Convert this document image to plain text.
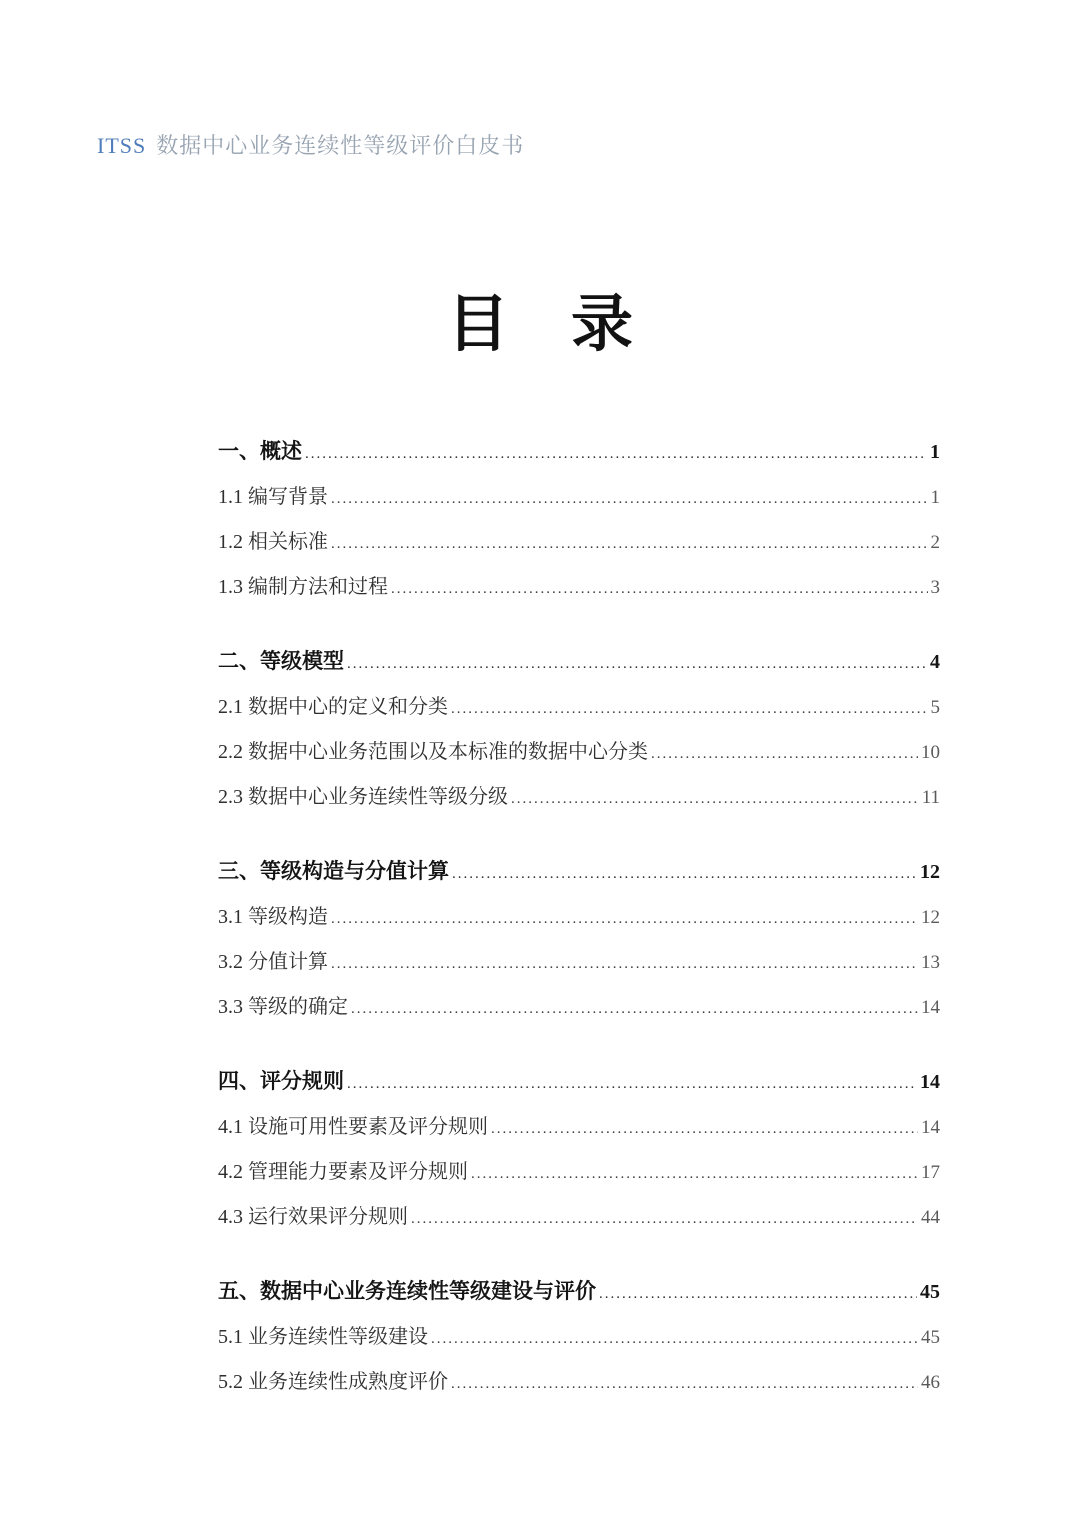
ITSS 数据中心业务连续性等级评价白皮书
目　录
一、概述 .....	1
1.1 编写背景 .....	1
1.2 相关标准 .....	2
1.3 编制方法和过程 .....	3
二、等级模型 .....	4
2.1 数据中心的定义和分类 .....	5
2.2 数据中心业务范围以及本标准的数据中心分类 .....	10
2.3 数据中心业务连续性等级分级 .....	11
三、等级构造与分值计算 .....	12
3.1 等级构造 .....	12
3.2 分值计算 .....	13
3.3 等级的确定 .....	14
四、评分规则 .....	14
4.1 设施可用性要素及评分规则 .....	14
4.2 管理能力要素及评分规则 .....	17
4.3 运行效果评分规则 .....	44
五、数据中心业务连续性等级建设与评价 .....	45
5.1 业务连续性等级建设 .....	45
5.2 业务连续性成熟度评价 .....	46
